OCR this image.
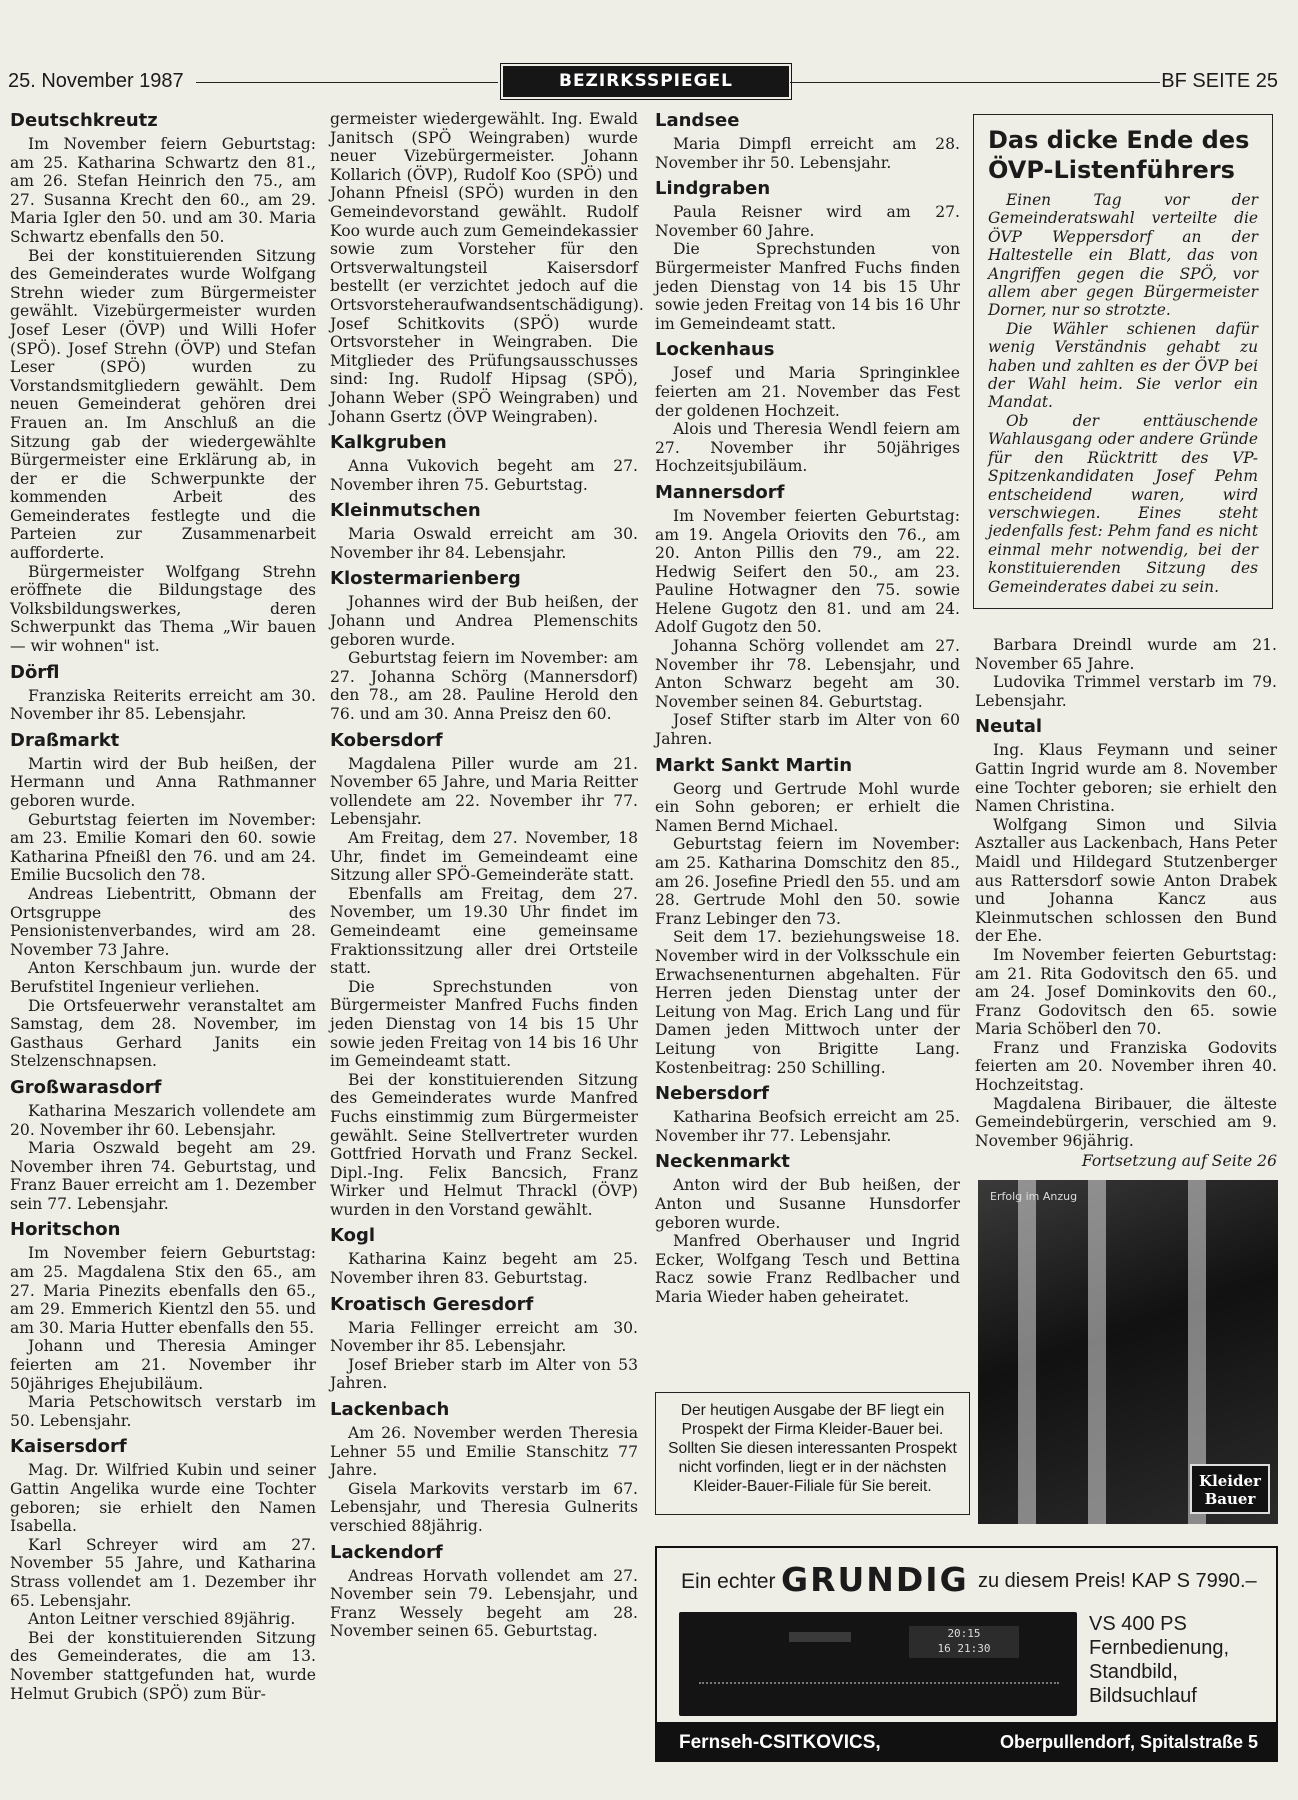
25. November 1987	BEZIRKSSPIEGEL	BF SEITE 25
Deutschkreutz

Im November feiern Geburtstag: am 25. Katharina Schwartz den 81., am 26. Stefan Heinrich den 75., am 27. Susanna Krecht den 60., am 29. Maria Igler den 50. und am 30. Maria Schwartz ebenfalls den 50.

Bei der konstituierenden Sitzung des Gemeinderates wurde Wolfgang Strehn wieder zum Bürgermeister gewählt. Vizebürgermeister wurden Josef Leser (ÖVP) und Willi Hofer (SPÖ). Josef Strehn (ÖVP) und Stefan Leser (SPÖ) wurden zu Vorstandsmitgliedern gewählt. Dem neuen Gemeinderat gehören drei Frauen an. Im Anschluß an die Sitzung gab der wiedergewählte Bürgermeister eine Erklärung ab, in der er die Schwerpunkte der kommenden Arbeit des Gemeinderates festlegte und die Parteien zur Zusammenarbeit aufforderte.

Bürgermeister Wolfgang Strehn eröffnete die Bildungstage des Volksbildungswerkes, deren Schwerpunkt das Thema „Wir bauen — wir wohnen" ist.

Dörfl

Franziska Reiterits erreicht am 30. November ihr 85. Lebensjahr.

Draßmarkt

Martin wird der Bub heißen, der Hermann und Anna Rathmanner geboren wurde.

Geburtstag feierten im November: am 23. Emilie Komari den 60. sowie Katharina Pfneißl den 76. und am 24. Emilie Bucsolich den 78.

Andreas Liebentritt, Obmann der Ortsgruppe des Pensionistenverbandes, wird am 28. November 73 Jahre.

Anton Kerschbaum jun. wurde der Berufstitel Ingenieur verliehen.

Die Ortsfeuerwehr veranstaltet am Samstag, dem 28. November, im Gasthaus Gerhard Janits ein Stelzenschnapsen.

Großwarasdorf

Katharina Meszarich vollendete am 20. November ihr 60. Lebensjahr.

Maria Oszwald begeht am 29. November ihren 74. Geburtstag, und Franz Bauer erreicht am 1. Dezember sein 77. Lebensjahr.

Horitschon

Im November feiern Geburtstag: am 25. Magdalena Stix den 65., am 27. Maria Pinezits ebenfalls den 65., am 29. Emmerich Kientzl den 55. und am 30. Maria Hutter ebenfalls den 55.

Johann und Theresia Aminger feierten am 21. November ihr 50jähriges Ehejubiläum.

Maria Petschowitsch verstarb im 50. Lebensjahr.

Kaisersdorf

Mag. Dr. Wilfried Kubin und seiner Gattin Angelika wurde eine Tochter geboren; sie erhielt den Namen Isabella.

Karl Schreyer wird am 27. November 55 Jahre, und Katharina Strass vollendet am 1. Dezember ihr 65. Lebensjahr.

Anton Leitner verschied 89jährig.

Bei der konstituierenden Sitzung des Gemeinderates, die am 13. November stattgefunden hat, wurde Helmut Grubich (SPÖ) zum Bür-

germeister wiedergewählt. Ing. Ewald Janitsch (SPÖ Weingraben) wurde neuer Vizebürgermeister. Johann Kollarich (ÖVP), Rudolf Koo (SPÖ) und Johann Pfneisl (SPÖ) wurden in den Gemeindevorstand gewählt. Rudolf Koo wurde auch zum Gemeindekassier sowie zum Vorsteher für den Ortsverwaltungsteil Kaisersdorf bestellt (er verzichtet jedoch auf die Ortsvorsteheraufwandsentschädigung). Josef Schitkovits (SPÖ) wurde Ortsvorsteher in Weingraben. Die Mitglieder des Prüfungsausschusses sind: Ing. Rudolf Hipsag (SPÖ), Johann Weber (SPÖ Weingraben) und Johann Gsertz (ÖVP Weingraben).

Kalkgruben

Anna Vukovich begeht am 27. November ihren 75. Geburtstag.

Kleinmutschen

Maria Oswald erreicht am 30. November ihr 84. Lebensjahr.

Klostermarienberg

Johannes wird der Bub heißen, der Johann und Andrea Plemenschits geboren wurde.

Geburtstag feiern im November: am 27. Johanna Schörg (Mannersdorf) den 78., am 28. Pauline Herold den 76. und am 30. Anna Preisz den 60.

Kobersdorf

Magdalena Piller wurde am 21. November 65 Jahre, und Maria Reitter vollendete am 22. November ihr 77. Lebensjahr.

Am Freitag, dem 27. November, 18 Uhr, findet im Gemeindeamt eine Sitzung aller SPÖ-Gemeinderäte statt.

Ebenfalls am Freitag, dem 27. November, um 19.30 Uhr findet im Gemeindeamt eine gemeinsame Fraktionssitzung aller drei Ortsteile statt.

Die Sprechstunden von Bürgermeister Manfred Fuchs finden jeden Dienstag von 14 bis 15 Uhr sowie jeden Freitag von 14 bis 16 Uhr im Gemeindeamt statt.

Bei der konstituierenden Sitzung des Gemeinderates wurde Manfred Fuchs einstimmig zum Bürgermeister gewählt. Seine Stellvertreter wurden Gottfried Horvath und Franz Seckel. Dipl.-Ing. Felix Bancsich, Franz Wirker und Helmut Thrackl (ÖVP) wurden in den Vorstand gewählt.

Kogl

Katharina Kainz begeht am 25. November ihren 83. Geburtstag.

Kroatisch Geresdorf

Maria Fellinger erreicht am 30. November ihr 85. Lebensjahr.

Josef Brieber starb im Alter von 53 Jahren.

Lackenbach

Am 26. November werden Theresia Lehner 55 und Emilie Stanschitz 77 Jahre.

Gisela Markovits verstarb im 67. Lebensjahr, und Theresia Gulnerits verschied 88jährig.

Lackendorf

Andreas Horvath vollendet am 27. November sein 79. Lebensjahr, und Franz Wessely begeht am 28. November seinen 65. Geburtstag.

Landsee

Maria Dimpfl erreicht am 28. November ihr 50. Lebensjahr.

Lindgraben

Paula Reisner wird am 27. November 60 Jahre.

Die Sprechstunden von Bürgermeister Manfred Fuchs finden jeden Dienstag von 14 bis 15 Uhr sowie jeden Freitag von 14 bis 16 Uhr im Gemeindeamt statt.

Lockenhaus

Josef und Maria Springinklee feierten am 21. November das Fest der goldenen Hochzeit.

Alois und Theresia Wendl feiern am 27. November ihr 50jähriges Hochzeitsjubiläum.

Mannersdorf

Im November feierten Geburtstag: am 19. Angela Oriovits den 76., am 20. Anton Pillis den 79., am 22. Hedwig Seifert den 50., am 23. Pauline Hotwagner den 75. sowie Helene Gugotz den 81. und am 24. Adolf Gugotz den 50.

Johanna Schörg vollendet am 27. November ihr 78. Lebensjahr, und Anton Schwarz begeht am 30. November seinen 84. Geburtstag.

Josef Stifter starb im Alter von 60 Jahren.

Markt Sankt Martin

Georg und Gertrude Mohl wurde ein Sohn geboren; er erhielt die Namen Bernd Michael.

Geburtstag feiern im November: am 25. Katharina Domschitz den 85., am 26. Josefine Priedl den 55. und am 28. Gertrude Mohl den 50. sowie Franz Lebinger den 73.

Seit dem 17. beziehungsweise 18. November wird in der Volksschule ein Erwachsenenturnen abgehalten. Für Herren jeden Dienstag unter der Leitung von Mag. Erich Lang und für Damen jeden Mittwoch unter der Leitung von Brigitte Lang. Kostenbeitrag: 250 Schilling.

Nebersdorf

Katharina Beofsich erreicht am 25. November ihr 77. Lebensjahr.

Neckenmarkt

Anton wird der Bub heißen, der Anton und Susanne Hunsdorfer geboren wurde.

Manfred Oberhauser und Ingrid Ecker, Wolfgang Tesch und Bettina Racz sowie Franz Redlbacher und Maria Wieder haben geheiratet.

Das dicke Ende des ÖVP-Listenführers

Einen Tag vor der Gemeinderatswahl verteilte die ÖVP Weppersdorf an der Haltestelle ein Blatt, das von Angriffen gegen die SPÖ, vor allem aber gegen Bürgermeister Dorner, nur so strotzte.

Die Wähler schienen dafür wenig Verständnis gehabt zu haben und zahlten es der ÖVP bei der Wahl heim. Sie verlor ein Mandat.

Ob der enttäuschende Wahlausgang oder andere Gründe für den Rücktritt des VP-Spitzenkandidaten Josef Pehm entscheidend waren, wird verschwiegen. Eines steht jedenfalls fest: Pehm fand es nicht einmal mehr notwendig, bei der konstituierenden Sitzung des Gemeinderates dabei zu sein.

Barbara Dreindl wurde am 21. November 65 Jahre.

Ludovika Trimmel verstarb im 79. Lebensjahr.

Neutal

Ing. Klaus Feymann und seiner Gattin Ingrid wurde am 8. November eine Tochter geboren; sie erhielt den Namen Christina.

Wolfgang Simon und Silvia Asztaller aus Lackenbach, Hans Peter Maidl und Hildegard Stutzenberger aus Rattersdorf sowie Anton Drabek und Johanna Kancz aus Kleinmutschen schlossen den Bund der Ehe.

Im November feierten Geburtstag: am 21. Rita Godovitsch den 65. und am 24. Josef Dominkovits den 60., Franz Godovitsch den 65. sowie Maria Schöberl den 70.

Franz und Franziska Godovits feierten am 20. November ihren 40. Hochzeitstag.

Magdalena Biribauer, die älteste Gemeindebürgerin, verschied am 9. November 96jährig.

Fortsetzung auf Seite 26
Erfolg im Anzug
Kleider
Bauer
Der heutigen Ausgabe der BF liegt ein Prospekt der Firma Kleider-Bauer bei. Sollten Sie diesen interessanten Prospekt nicht vorfinden, liegt er in der nächsten Kleider-Bauer-Filiale für Sie bereit.
Ein echter GRUNDIG zu diesem Preis! KAP S 7990.–
20:15
16 21:30
VS 400 PS
Fernbedienung,
Standbild,
Bildsuchlauf
Fernseh-CSITKOVICS,	Oberpullendorf, Spitalstraße 5
